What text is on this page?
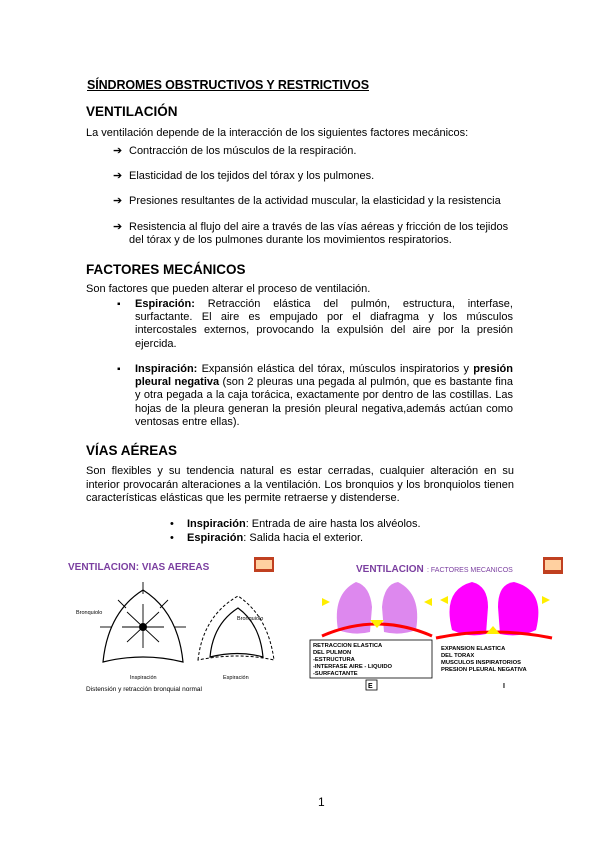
SÍNDROMES OBSTRUCTIVOS Y RESTRICTIVOS
VENTILACIÓN
La ventilación depende de la interacción de los siguientes factores mecánicos:
➔ Contracción de los músculos de la respiración.
➔ Elasticidad de los tejidos del tórax y los pulmones.
➔ Presiones resultantes de la actividad muscular, la elasticidad y la resistencia
➔ Resistencia al flujo del aire a través de las vías aéreas y fricción de los tejidos del tórax y de los pulmones durante los movimientos respiratorios.
FACTORES MECÁNICOS
Son factores que pueden alterar el proceso de ventilación.
▪ Espiración: Retracción elástica del pulmón, estructura, interfase, surfactante. El aire es empujado por el diafragma y los músculos intercostales externos, provocando la expulsión del aire por la presión ejercida.
▪ Inspiración: Expansión elástica del tórax, músculos inspiratorios y presión pleural negativa (son 2 pleuras una pegada al pulmón, que es bastante fina y otra pegada a la caja torácica, exactamente por dentro de las costillas. Las hojas de la pleura generan la presión pleural negativa,además actúan como ventosas entre ellas).
VÍAS AÉREAS
Son flexibles y su tendencia natural es estar cerradas, cualquier alteración en su interior provocarán alteraciones a la ventilación. Los bronquios y los bronquiolos tienen características elásticas que les permite retraerse y distenderse.
• Inspiración: Entrada de aire hasta los alvéolos.
• Espiración: Salida hacia el exterior.
VENTILACION: VIAS AEREAS
Bronquiolo
Inspiración
Bronquiolo
Espiración
Distensión y retracción bronquial normal
VENTILACION : FACTORES MECANICOS
RETRACCION ELASTICA
DEL PULMON
-ESTRUCTURA
-INTERFASE AIRE - LIQUIDO
-SURFACTANTE
E
EXPANSION ELASTICA
DEL TORAX
MUSCULOS INSPIRATORIOS
PRESION PLEURAL NEGATIVA
I
1
